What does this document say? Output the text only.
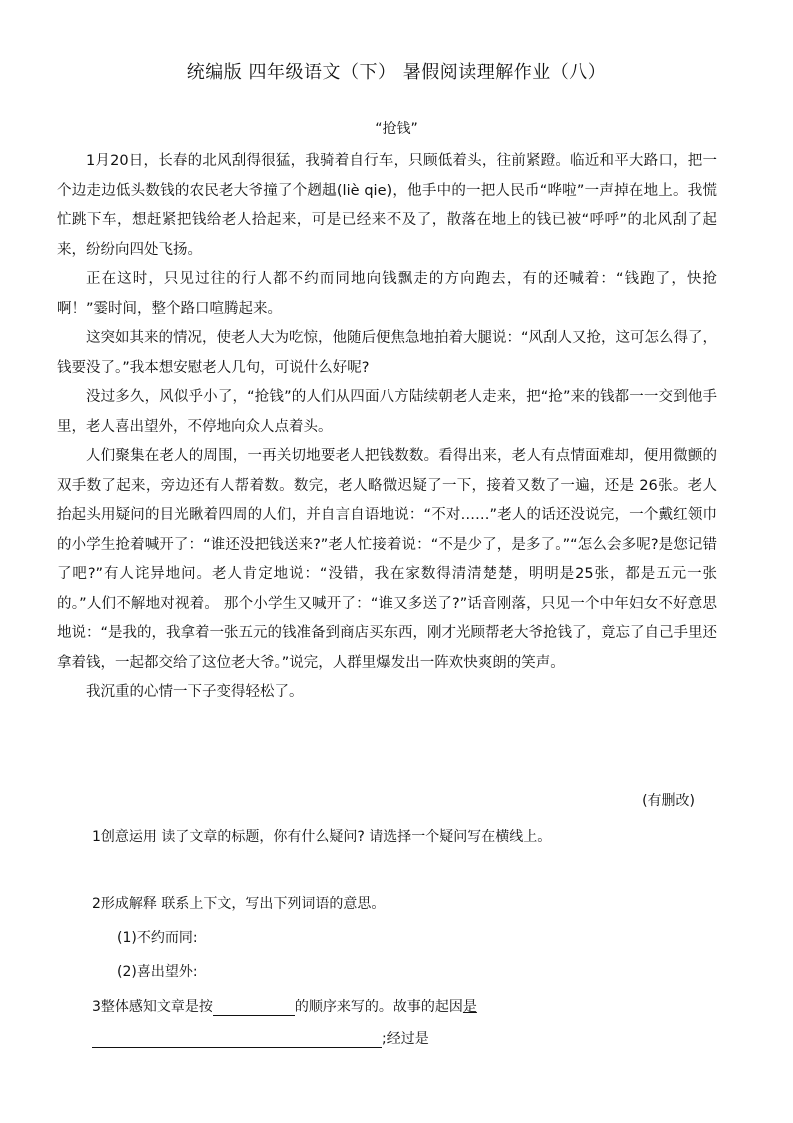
统编版 四年级语文（下） 暑假阅读理解作业（八）
“抢钱”

1月20日，长春的北风刮得很猛，我骑着自行车，只顾低着头，往前紧蹬。临近和平大路口，把一个边走边低头数钱的农民老大爷撞了个趔趄(liè qie)，他手中的一把人民币“哗啦”一声掉在地上。我慌忙跳下车，想赶紧把钱给老人拾起来，可是已经来不及了，散落在地上的钱已被“呼呼”的北风刮了起来，纷纷向四处飞扬。

正在这时，只见过往的行人都不约而同地向钱飘走的方向跑去，有的还喊着：“钱跑了，快抢啊！”霎时间，整个路口喧腾起来。

这突如其来的情况，使老人大为吃惊，他随后便焦急地拍着大腿说：“风刮人又抢，这可怎么得了，钱要没了。”我本想安慰老人几句，可说什么好呢?

没过多久，风似乎小了，“抢钱”的人们从四面八方陆续朝老人走来，把“抢”来的钱都一一交到他手里，老人喜出望外，不停地向众人点着头。

人们聚集在老人的周围，一再关切地要老人把钱数数。看得出来，老人有点情面难却，便用微颤的双手数了起来，旁边还有人帮着数。数完，老人略微迟疑了一下，接着又数了一遍，还是 26张。老人抬起头用疑问的目光瞅着四周的人们，并自言自语地说：“不对……”老人的话还没说完，一个戴红领巾的小学生抢着喊开了：“谁还没把钱送来?”老人忙接着说：“不是少了，是多了。”“怎么会多呢?是您记错了吧?”有人诧异地问。老人肯定地说：“没错，我在家数得清清楚楚，明明是25张，都是五元一张的。”人们不解地对视着。 那个小学生又喊开了：“谁又多送了?”话音刚落，只见一个中年妇女不好意思地说：“是我的，我拿着一张五元的钱准备到商店买东西，刚才光顾帮老大爷抢钱了，竟忘了自己手里还拿着钱，一起都交给了这位老大爷。”说完，人群里爆发出一阵欢快爽朗的笑声。

我沉重的心情一下子变得轻松了。

(有删改)
1创意运用 读了文章的标题，你有什么疑问? 请选择一个疑问写在横线上。
2形成解释 联系上下文，写出下列词语的意思。
(1)不约而同:
(2)喜出望外:
3整体感知文章是按	的顺序来写的。故事的起因是
;经过是
